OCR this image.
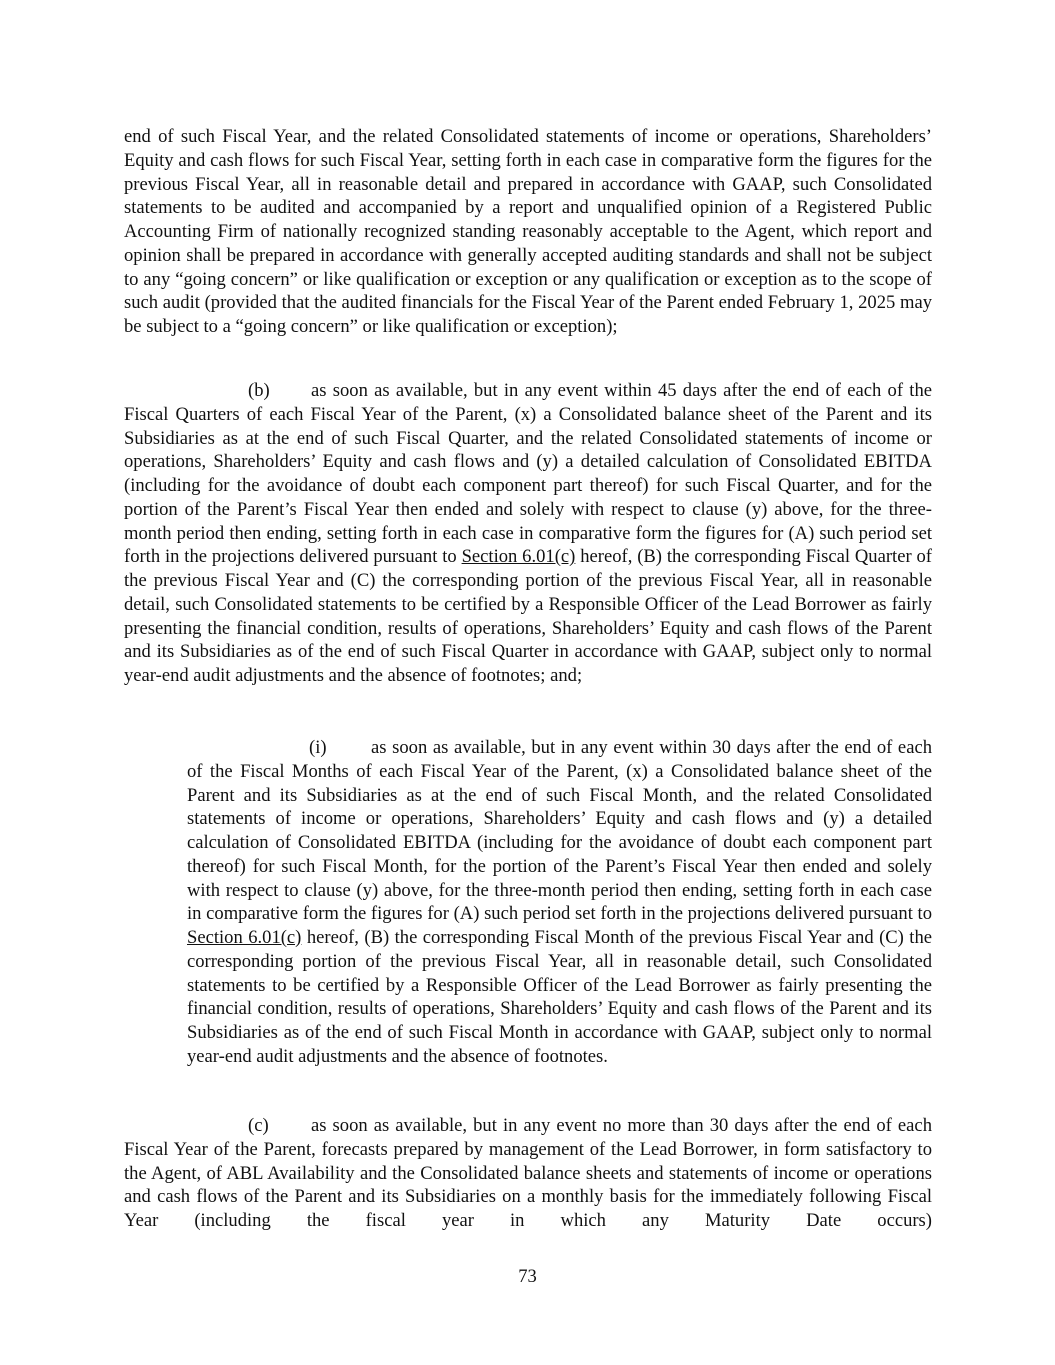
end of such Fiscal Year, and the related Consolidated statements of income or operations, Shareholders’ Equity and cash flows for such Fiscal Year, setting forth in each case in comparative form the figures for the previous Fiscal Year, all in reasonable detail and prepared in accordance with GAAP, such Consolidated statements to be audited and accompanied by a report and unqualified opinion of a Registered Public Accounting Firm of nationally recognized standing reasonably acceptable to the Agent, which report and opinion shall be prepared in accordance with generally accepted auditing standards and shall not be subject to any “going concern” or like qualification or exception or any qualification or exception as to the scope of such audit (provided that the audited financials for the Fiscal Year of the Parent ended February 1, 2025 may be subject to a “going concern” or like qualification or exception);

(b) as soon as available, but in any event within 45 days after the end of each of the Fiscal Quarters of each Fiscal Year of the Parent, (x) a Consolidated balance sheet of the Parent and its Subsidiaries as at the end of such Fiscal Quarter, and the related Consolidated statements of income or operations, Shareholders’ Equity and cash flows and (y) a detailed calculation of Consolidated EBITDA (including for the avoidance of doubt each component part thereof) for such Fiscal Quarter, and for the portion of the Parent’s Fiscal Year then ended and solely with respect to clause (y) above, for the three-month period then ending, setting forth in each case in comparative form the figures for (A) such period set forth in the projections delivered pursuant to Section 6.01(c) hereof, (B) the corresponding Fiscal Quarter of the previous Fiscal Year and (C) the corresponding portion of the previous Fiscal Year, all in reasonable detail, such Consolidated statements to be certified by a Responsible Officer of the Lead Borrower as fairly presenting the financial condition, results of operations, Shareholders’ Equity and cash flows of the Parent and its Subsidiaries as of the end of such Fiscal Quarter in accordance with GAAP, subject only to normal year-end audit adjustments and the absence of footnotes; and;

(i) as soon as available, but in any event within 30 days after the end of each of the Fiscal Months of each Fiscal Year of the Parent, (x) a Consolidated balance sheet of the Parent and its Subsidiaries as at the end of such Fiscal Month, and the related Consolidated statements of income or operations, Shareholders’ Equity and cash flows and (y) a detailed calculation of Consolidated EBITDA (including for the avoidance of doubt each component part thereof) for such Fiscal Month, for the portion of the Parent’s Fiscal Year then ended and solely with respect to clause (y) above, for the three-month period then ending, setting forth in each case in comparative form the figures for (A) such period set forth in the projections delivered pursuant to Section 6.01(c) hereof, (B) the corresponding Fiscal Month of the previous Fiscal Year and (C) the corresponding portion of the previous Fiscal Year, all in reasonable detail, such Consolidated statements to be certified by a Responsible Officer of the Lead Borrower as fairly presenting the financial condition, results of operations, Shareholders’ Equity and cash flows of the Parent and its Subsidiaries as of the end of such Fiscal Month in accordance with GAAP, subject only to normal year-end audit adjustments and the absence of footnotes.

(c) as soon as available, but in any event no more than 30 days after the end of each Fiscal Year of the Parent, forecasts prepared by management of the Lead Borrower, in form satisfactory to the Agent, of ABL Availability and the Consolidated balance sheets and statements of income or operations and cash flows of the Parent and its Subsidiaries on a monthly basis for the immediately following Fiscal Year (including the fiscal year in which any Maturity Date occurs)

73
